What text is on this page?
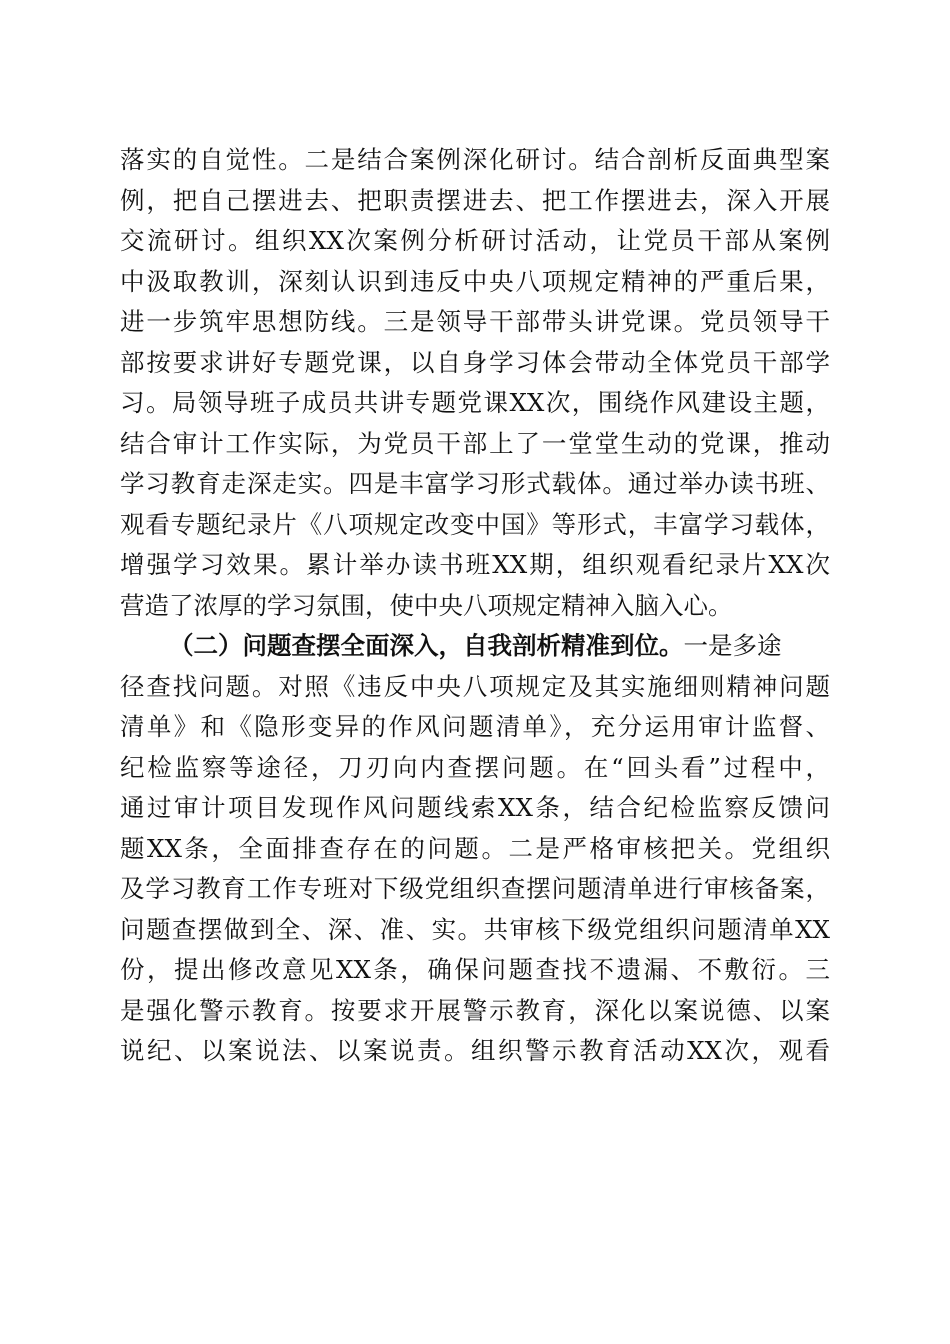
落实的自觉性。二是结合案例深化研讨。结合剖析反面典型案
例，把自己摆进去、把职责摆进去、把工作摆进去，深入开展
交流研讨。组织XX次案例分析研讨活动，让党员干部从案例
中汲取教训，深刻认识到违反中央八项规定精神的严重后果，
进一步筑牢思想防线。三是领导干部带头讲党课。党员领导干
部按要求讲好专题党课，以自身学习体会带动全体党员干部学
习。局领导班子成员共讲专题党课XX次，围绕作风建设主题，
结合审计工作实际，为党员干部上了一堂堂生动的党课，推动
学习教育走深走实。四是丰富学习形式载体。通过举办读书班、
观看专题纪录片《八项规定改变中国》等形式，丰富学习载体，
增强学习效果。累计举办读书班XX期，组织观看纪录片XX次
营造了浓厚的学习氛围，使中央八项规定精神入脑入心。
（二）问题查摆全面深入，自我剖析精准到位。一是多途
径查找问题。对照《违反中央八项规定及其实施细则精神问题
清单》和《隐形变异的作风问题清单》，充分运用审计监督、
纪检监察等途径，刀刃向内查摆问题。在“回头看”过程中，
通过审计项目发现作风问题线索XX条，结合纪检监察反馈问
题XX条，全面排查存在的问题。二是严格审核把关。党组织
及学习教育工作专班对下级党组织查摆问题清单进行审核备案，
问题查摆做到全、深、准、实。共审核下级党组织问题清单XX
份，提出修改意见XX条，确保问题查找不遗漏、不敷衍。三
是强化警示教育。按要求开展警示教育，深化以案说德、以案
说纪、以案说法、以案说责。组织警示教育活动XX次，观看
